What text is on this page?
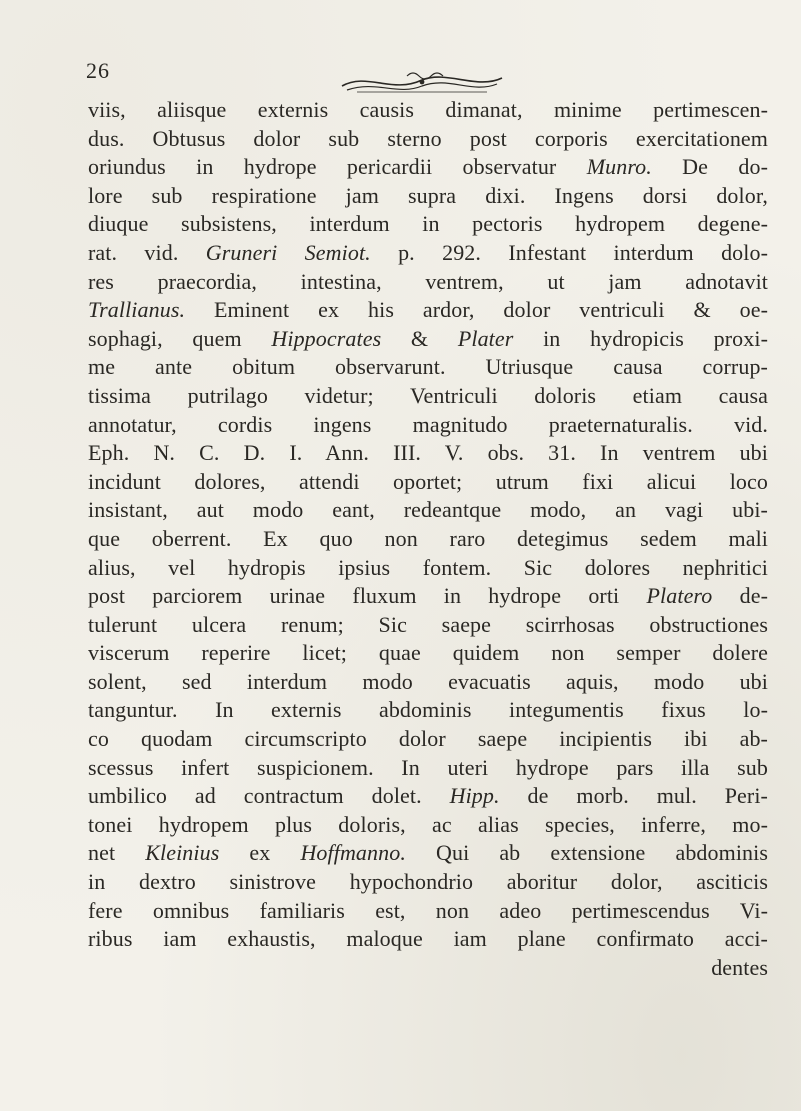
26
viis, aliisque externis causis dimanat, minime pertimescen-
dus. Obtusus dolor sub sterno post corporis exercitationem
oriundus in hydrope pericardii observatur Munro. De do-
lore sub respiratione jam supra dixi. Ingens dorsi dolor,
diuque subsistens, interdum in pectoris hydropem degene-
rat. vid. Gruneri Semiot. p. 292. Infestant interdum dolo-
res praecordia, intestina, ventrem, ut jam adnotavit
Trallianus. Eminent ex his ardor, dolor ventriculi & oe-
sophagi, quem Hippocrates & Plater in hydropicis proxi-
me ante obitum observarunt. Utriusque causa corrup-
tissima putrilago videtur; Ventriculi doloris etiam causa
annotatur, cordis ingens magnitudo praeternaturalis. vid.
Eph. N. C. D. I. Ann. III. V. obs. 31. In ventrem ubi
incidunt dolores, attendi oportet; utrum fixi alicui loco
insistant, aut modo eant, redeantque modo, an vagi ubi-
que oberrent. Ex quo non raro detegimus sedem mali
alius, vel hydropis ipsius fontem. Sic dolores nephritici
post parciorem urinae fluxum in hydrope orti Platero de-
tulerunt ulcera renum; Sic saepe scirrhosas obstructiones
viscerum reperire licet; quae quidem non semper dolere
solent, sed interdum modo evacuatis aquis, modo ubi
tanguntur. In externis abdominis integumentis fixus lo-
co quodam circumscripto dolor saepe incipientis ibi ab-
scessus infert suspicionem. In uteri hydrope pars illa sub
umbilico ad contractum dolet. Hipp. de morb. mul. Peri-
tonei hydropem plus doloris, ac alias species, inferre, mo-
net Kleinius ex Hoffmanno. Qui ab extensione abdominis
in dextro sinistrove hypochondrio aboritur dolor, asciticis
fere omnibus familiaris est, non adeo pertimescendus Vi-
ribus iam exhaustis, maloque iam plane confirmato acci-
dentes
